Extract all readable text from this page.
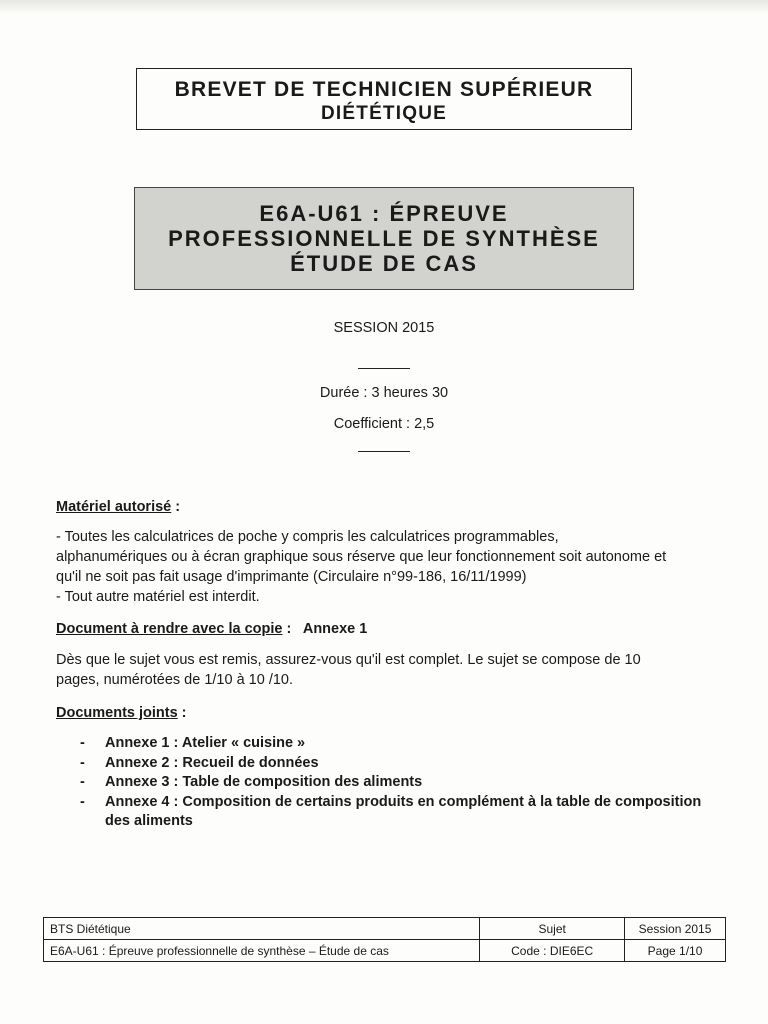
BREVET DE TECHNICIEN SUPÉRIEUR
DIÉTÉTIQUE
E6A-U61 : ÉPREUVE
PROFESSIONNELLE DE SYNTHÈSE
ÉTUDE DE CAS
SESSION 2015
Durée : 3 heures 30
Coefficient : 2,5
Matériel autorisé :
- Toutes les calculatrices de poche y compris les calculatrices programmables,
alphanumériques ou à écran graphique sous réserve que leur fonctionnement soit autonome et
qu'il ne soit pas fait usage d'imprimante (Circulaire n°99-186, 16/11/1999)
- Tout autre matériel est interdit.
Document à rendre avec la copie :   Annexe 1
Dès que le sujet vous est remis, assurez-vous qu'il est complet. Le sujet se compose de 10
pages, numérotées de 1/10 à 10 /10.
Documents joints :
-	Annexe 1 : Atelier « cuisine »
-	Annexe 2 : Recueil de données
-	Annexe 3 : Table de composition des aliments
-	Annexe 4 : Composition de certains produits en complément à la table de composition des aliments
BTS Diététique	Sujet	Session 2015
E6A-U61 : Épreuve professionnelle de synthèse – Étude de cas	Code : DIE6EC	Page 1/10
